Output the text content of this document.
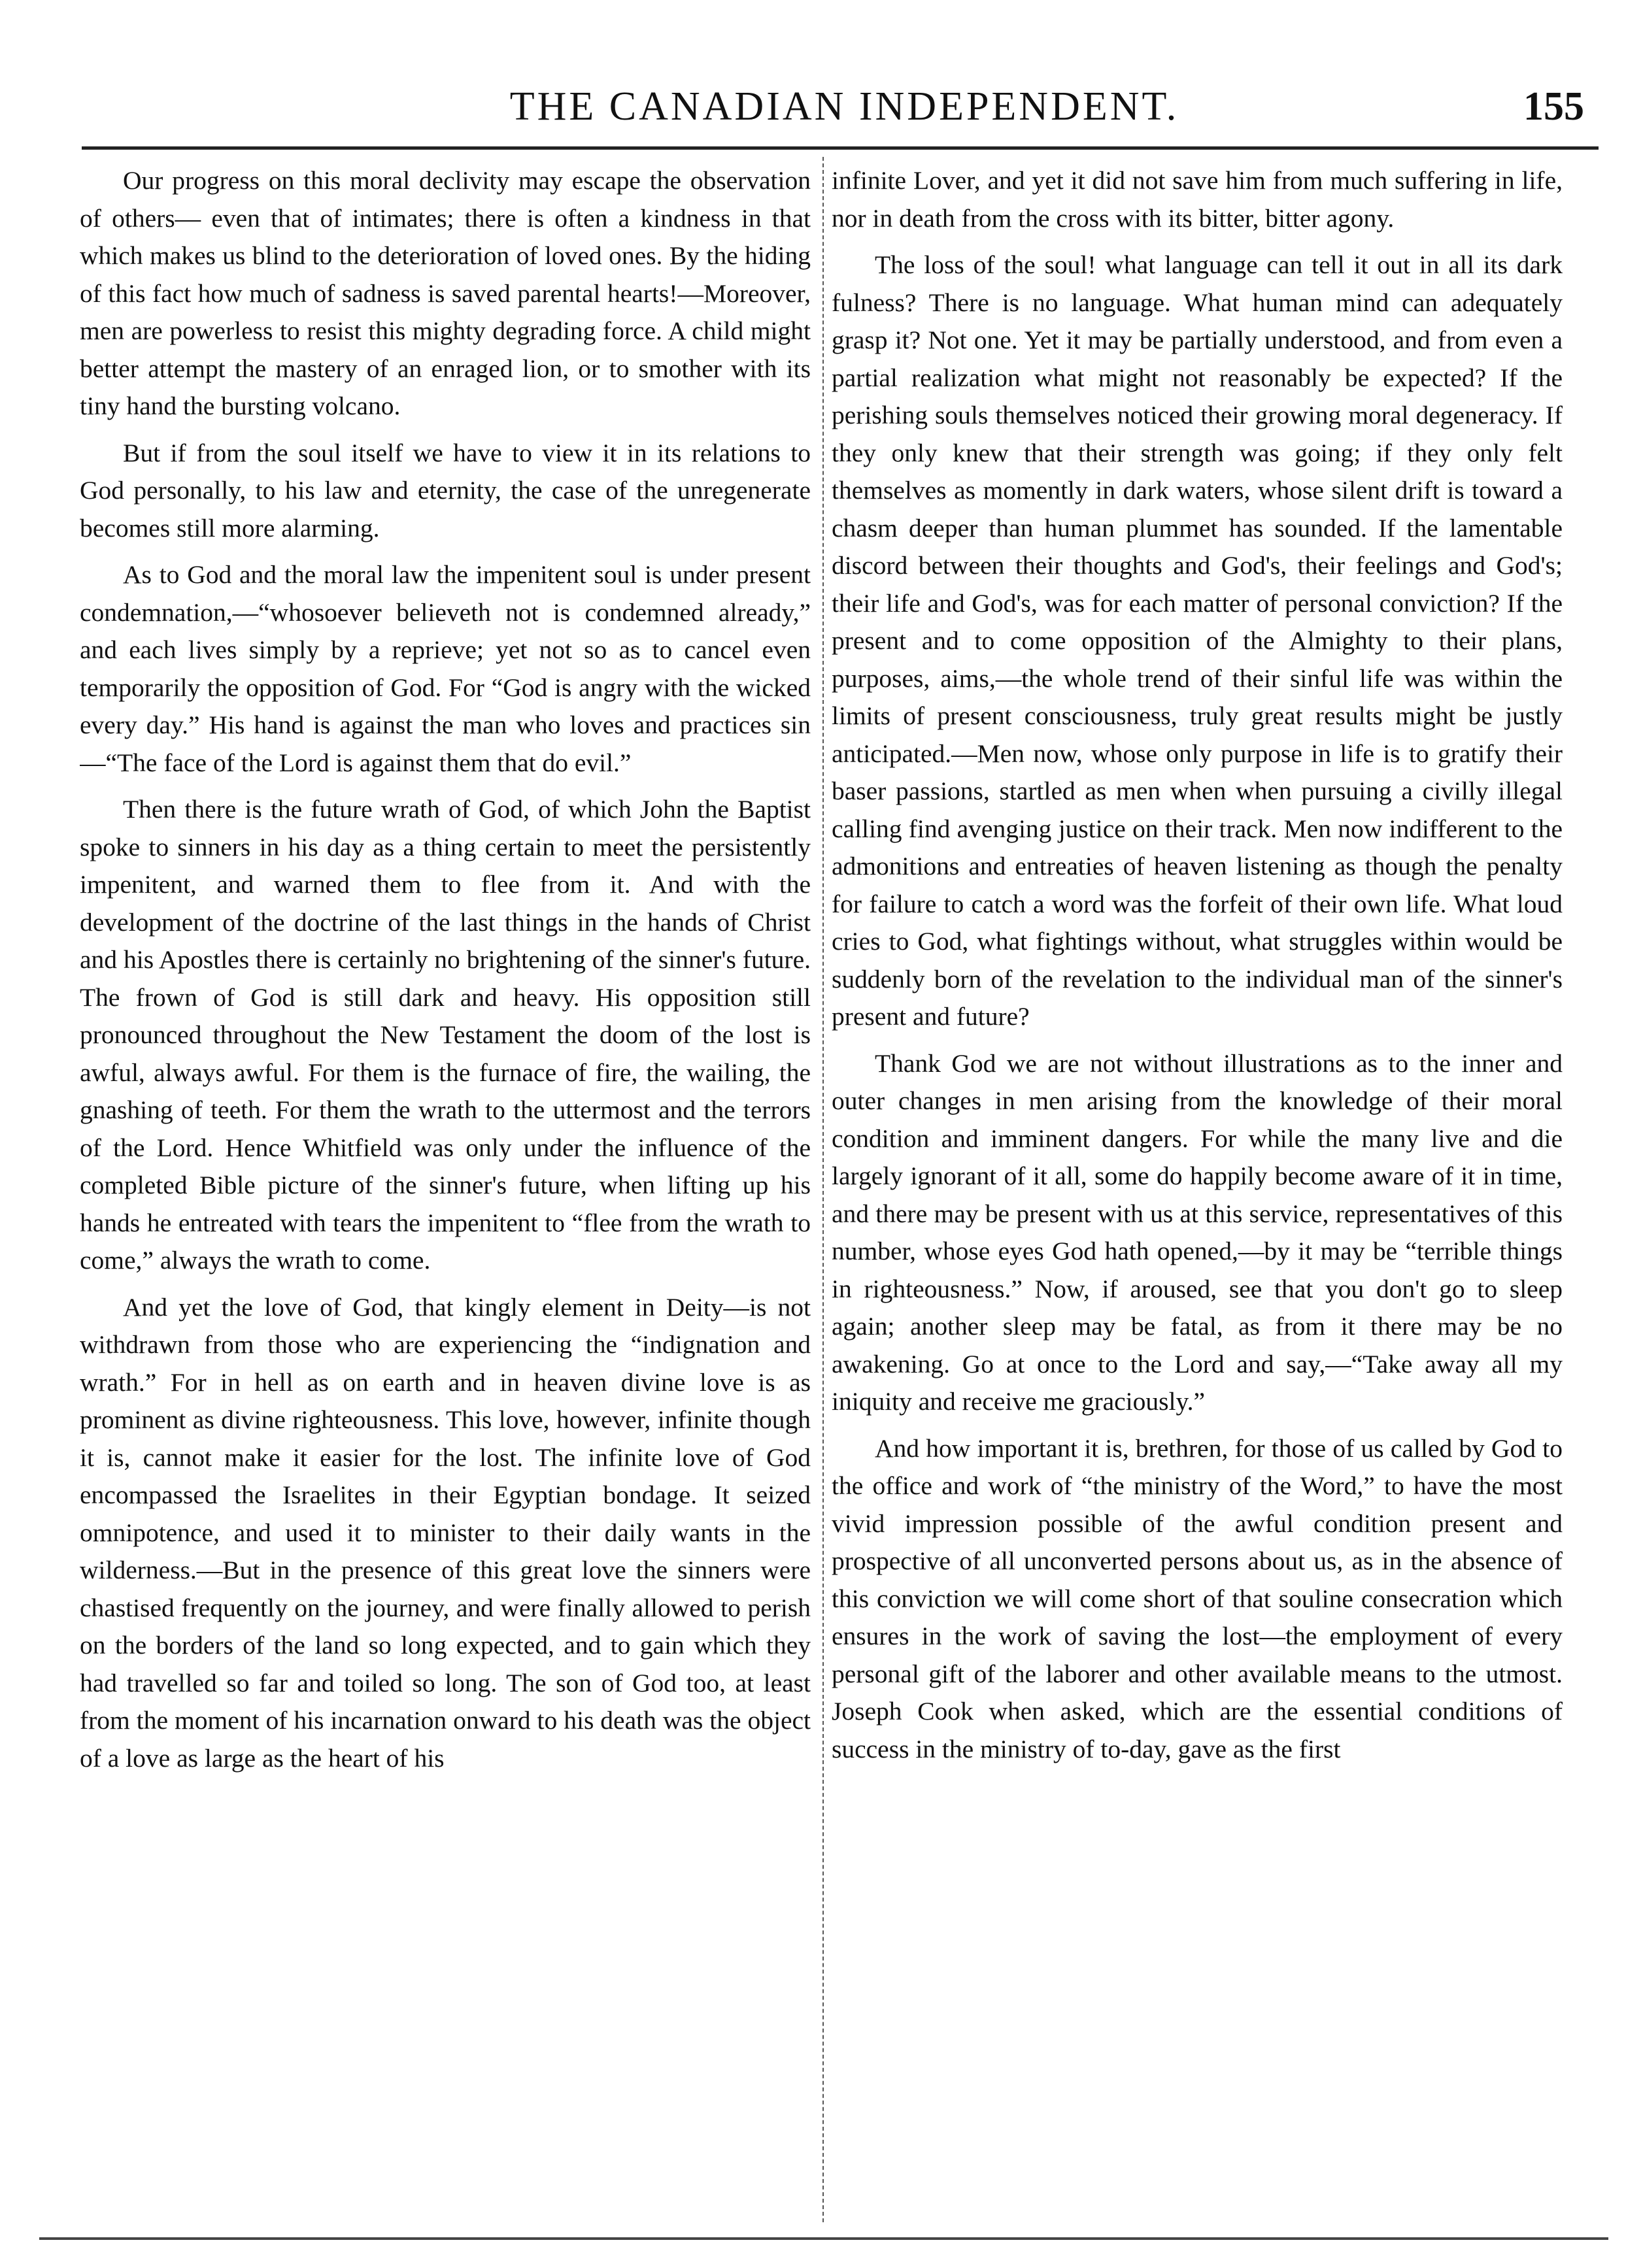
THE CANADIAN INDEPENDENT.	155

Our progress on this moral declivity may escape the observation of others— even that of intimates; there is often a kindness in that which makes us blind to the deterioration of loved ones. By the hiding of this fact how much of sadness is saved parental hearts!—Moreover, men are powerless to resist this mighty degrading force. A child might better attempt the mastery of an enraged lion, or to smother with its tiny hand the bursting volcano.

But if from the soul itself we have to view it in its relations to God personally, to his law and eternity, the case of the unregenerate becomes still more alarming.

As to God and the moral law the impenitent soul is under present condemnation,—“whosoever believeth not is condemned already,” and each lives simply by a reprieve; yet not so as to cancel even temporarily the opposition of God. For “God is angry with the wicked every day.” His hand is against the man who loves and practices sin—“The face of the Lord is against them that do evil.”

Then there is the future wrath of God, of which John the Baptist spoke to sinners in his day as a thing certain to meet the persistently impenitent, and warned them to flee from it. And with the development of the doctrine of the last things in the hands of Christ and his Apostles there is certainly no brightening of the sinner's future. The frown of God is still dark and heavy. His opposition still pronounced throughout the New Testament the doom of the lost is awful, always awful. For them is the furnace of fire, the wailing, the gnashing of teeth. For them the wrath to the uttermost and the terrors of the Lord. Hence Whitfield was only under the influence of the completed Bible picture of the sinner's future, when lifting up his hands he entreated with tears the impenitent to “flee from the wrath to come,” always the wrath to come.

And yet the love of God, that kingly element in Deity—is not withdrawn from those who are experiencing the “indignation and wrath.” For in hell as on earth and in heaven divine love is as prominent as divine righteousness. This love, however, infinite though it is, cannot make it easier for the lost. The infinite love of God encompassed the Israelites in their Egyptian bondage. It seized omnipotence, and used it to minister to their daily wants in the wilderness.—But in the presence of this great love the sinners were chastised frequently on the journey, and were finally allowed to perish on the borders of the land so long expected, and to gain which they had travelled so far and toiled so long. The son of God too, at least from the moment of his incarnation onward to his death was the object of a love as large as the heart of his

infinite Lover, and yet it did not save him from much suffering in life, nor in death from the cross with its bitter, bitter agony.

The loss of the soul! what language can tell it out in all its dark fulness? There is no language. What human mind can adequately grasp it? Not one. Yet it may be partially understood, and from even a partial realization what might not reasonably be expected? If the perishing souls themselves noticed their growing moral degeneracy. If they only knew that their strength was going; if they only felt themselves as momently in dark waters, whose silent drift is toward a chasm deeper than human plummet has sounded. If the lamentable discord between their thoughts and God's, their feelings and God's; their life and God's, was for each matter of personal conviction? If the present and to come opposition of the Almighty to their plans, purposes, aims,—the whole trend of their sinful life was within the limits of present consciousness, truly great results might be justly anticipated.—Men now, whose only purpose in life is to gratify their baser passions, startled as men when when pursuing a civilly illegal calling find avenging justice on their track. Men now indifferent to the admonitions and entreaties of heaven listening as though the penalty for failure to catch a word was the forfeit of their own life. What loud cries to God, what fightings without, what struggles within would be suddenly born of the revelation to the individual man of the sinner's present and future?

Thank God we are not without illustrations as to the inner and outer changes in men arising from the knowledge of their moral condition and imminent dangers. For while the many live and die largely ignorant of it all, some do happily become aware of it in time, and there may be present with us at this service, representatives of this number, whose eyes God hath opened,—by it may be “terrible things in righteousness.” Now, if aroused, see that you don't go to sleep again; another sleep may be fatal, as from it there may be no awakening. Go at once to the Lord and say,—“Take away all my iniquity and receive me graciously.”

And how important it is, brethren, for those of us called by God to the office and work of “the ministry of the Word,” to have the most vivid impression possible of the awful condition present and prospective of all unconverted persons about us, as in the absence of this conviction we will come short of that souline consecration which ensures in the work of saving the lost—the employment of every personal gift of the laborer and other available means to the utmost. Joseph Cook when asked, which are the essential conditions of success in the ministry of to-day, gave as the first
